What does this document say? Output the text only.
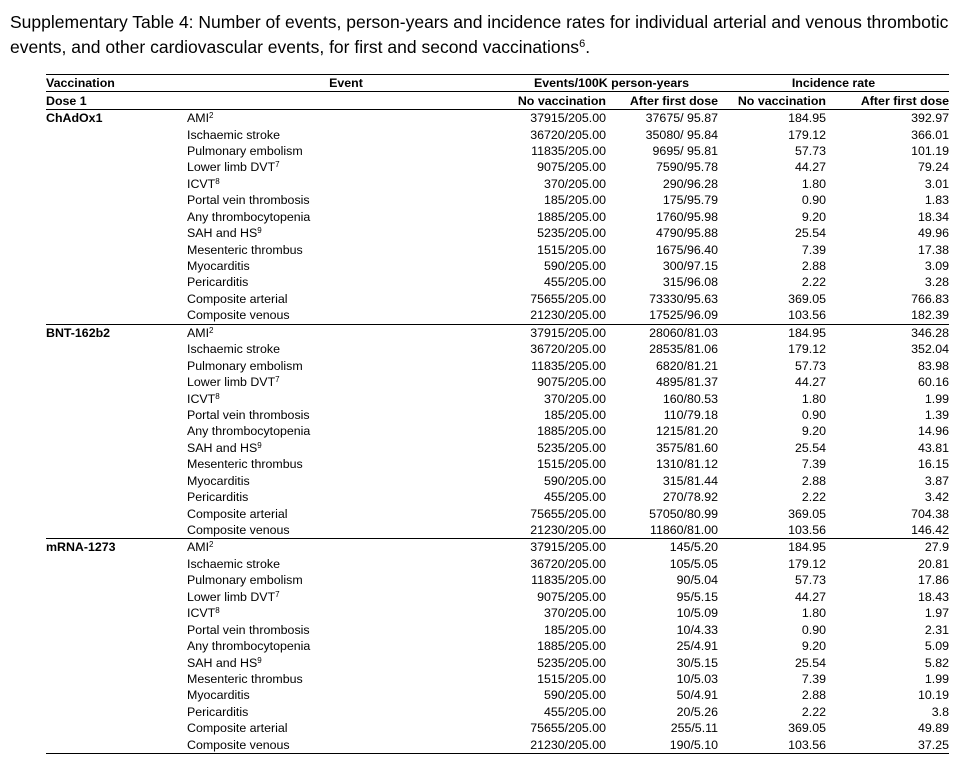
Supplementary Table 4: Number of events, person-years and incidence rates for individual arterial and venous thrombotic events, and other cardiovascular events, for first and second vaccinations$^6$.
Vaccination	Event	Events/100K person-years		Incidence rate	
Dose 1		No vaccination	After first dose	No vaccination	After first dose
ChAdOx1	AMI$^2$	37915/205.00	37675/ 95.87	184.95	392.97
	Ischaemic stroke	36720/205.00	35080/ 95.84	179.12	366.01
	Pulmonary embolism	11835/205.00	9695/ 95.81	57.73	101.19
	Lower limb DVT$^7$	9075/205.00	7590/95.78	44.27	79.24
	ICVT$^8$	370/205.00	290/96.28	1.80	3.01
	Portal vein thrombosis	185/205.00	175/95.79	0.90	1.83
	Any thrombocytopenia	1885/205.00	1760/95.98	9.20	18.34
	SAH and $HS^9$	5235/205.00	4790/95.88	25.54	49.96
	Mesenteric thrombus	1515/205.00	1675/96.40	7.39	17.38
	Myocarditis	590/205.00	300/97.15	2.88	3.09
	Pericarditis	455/205.00	315/96.08	2.22	3.28
	Composite arterial	75655/205.00	73330/95.63	369.05	766.83
	Composite venous	21230/205.00	17525/96.09	103.56	182.39
BNT-162b2	AMI$^2$	37915/205.00	28060/81.03	184.95	346.28
	Ischaemic stroke	36720/205.00	28535/81.06	179.12	352.04
	Pulmonary embolism	11835/205.00	6820/81.21	57.73	83.98
	Lower limb DVT$^7$	9075/205.00	4895/81.37	44.27	60.16
	ICVT$^8$	370/205.00	160/80.53	1.80	1.99
	Portal vein thrombosis	185/205.00	110/79.18	0.90	1.39
	Any thrombocytopenia	1885/205.00	1215/81.20	9.20	14.96
	SAH and $HS^9$	5235/205.00	3575/81.60	25.54	43.81
	Mesenteric thrombus	1515/205.00	1310/81.12	7.39	16.15
	Myocarditis	590/205.00	315/81.44	2.88	3.87
	Pericarditis	455/205.00	270/78.92	2.22	3.42
	Composite arterial	75655/205.00	57050/80.99	369.05	704.38
	Composite venous	21230/205.00	11860/81.00	103.56	146.42
mRNA-1273	AMI$^2$	37915/205.00	145/5.20	184.95	27.9
	Ischaemic stroke	36720/205.00	105/5.05	179.12	20.81
	Pulmonary embolism	11835/205.00	90/5.04	57.73	17.86
	Lower limb DVT$^7$	9075/205.00	95/5.15	44.27	18.43
	ICVT$^8$	370/205.00	10/5.09	1.80	1.97
	Portal vein thrombosis	185/205.00	10/4.33	0.90	2.31
	Any thrombocytopenia	1885/205.00	25/4.91	9.20	5.09
	SAH and $HS^9$	5235/205.00	30/5.15	25.54	5.82
	Mesenteric thrombus	1515/205.00	10/5.03	7.39	1.99
	Myocarditis	590/205.00	50/4.91	2.88	10.19
	Pericarditis	455/205.00	20/5.26	2.22	3.8
	Composite arterial	75655/205.00	255/5.11	369.05	49.89
	Composite venous	21230/205.00	190/5.10	103.56	37.25
